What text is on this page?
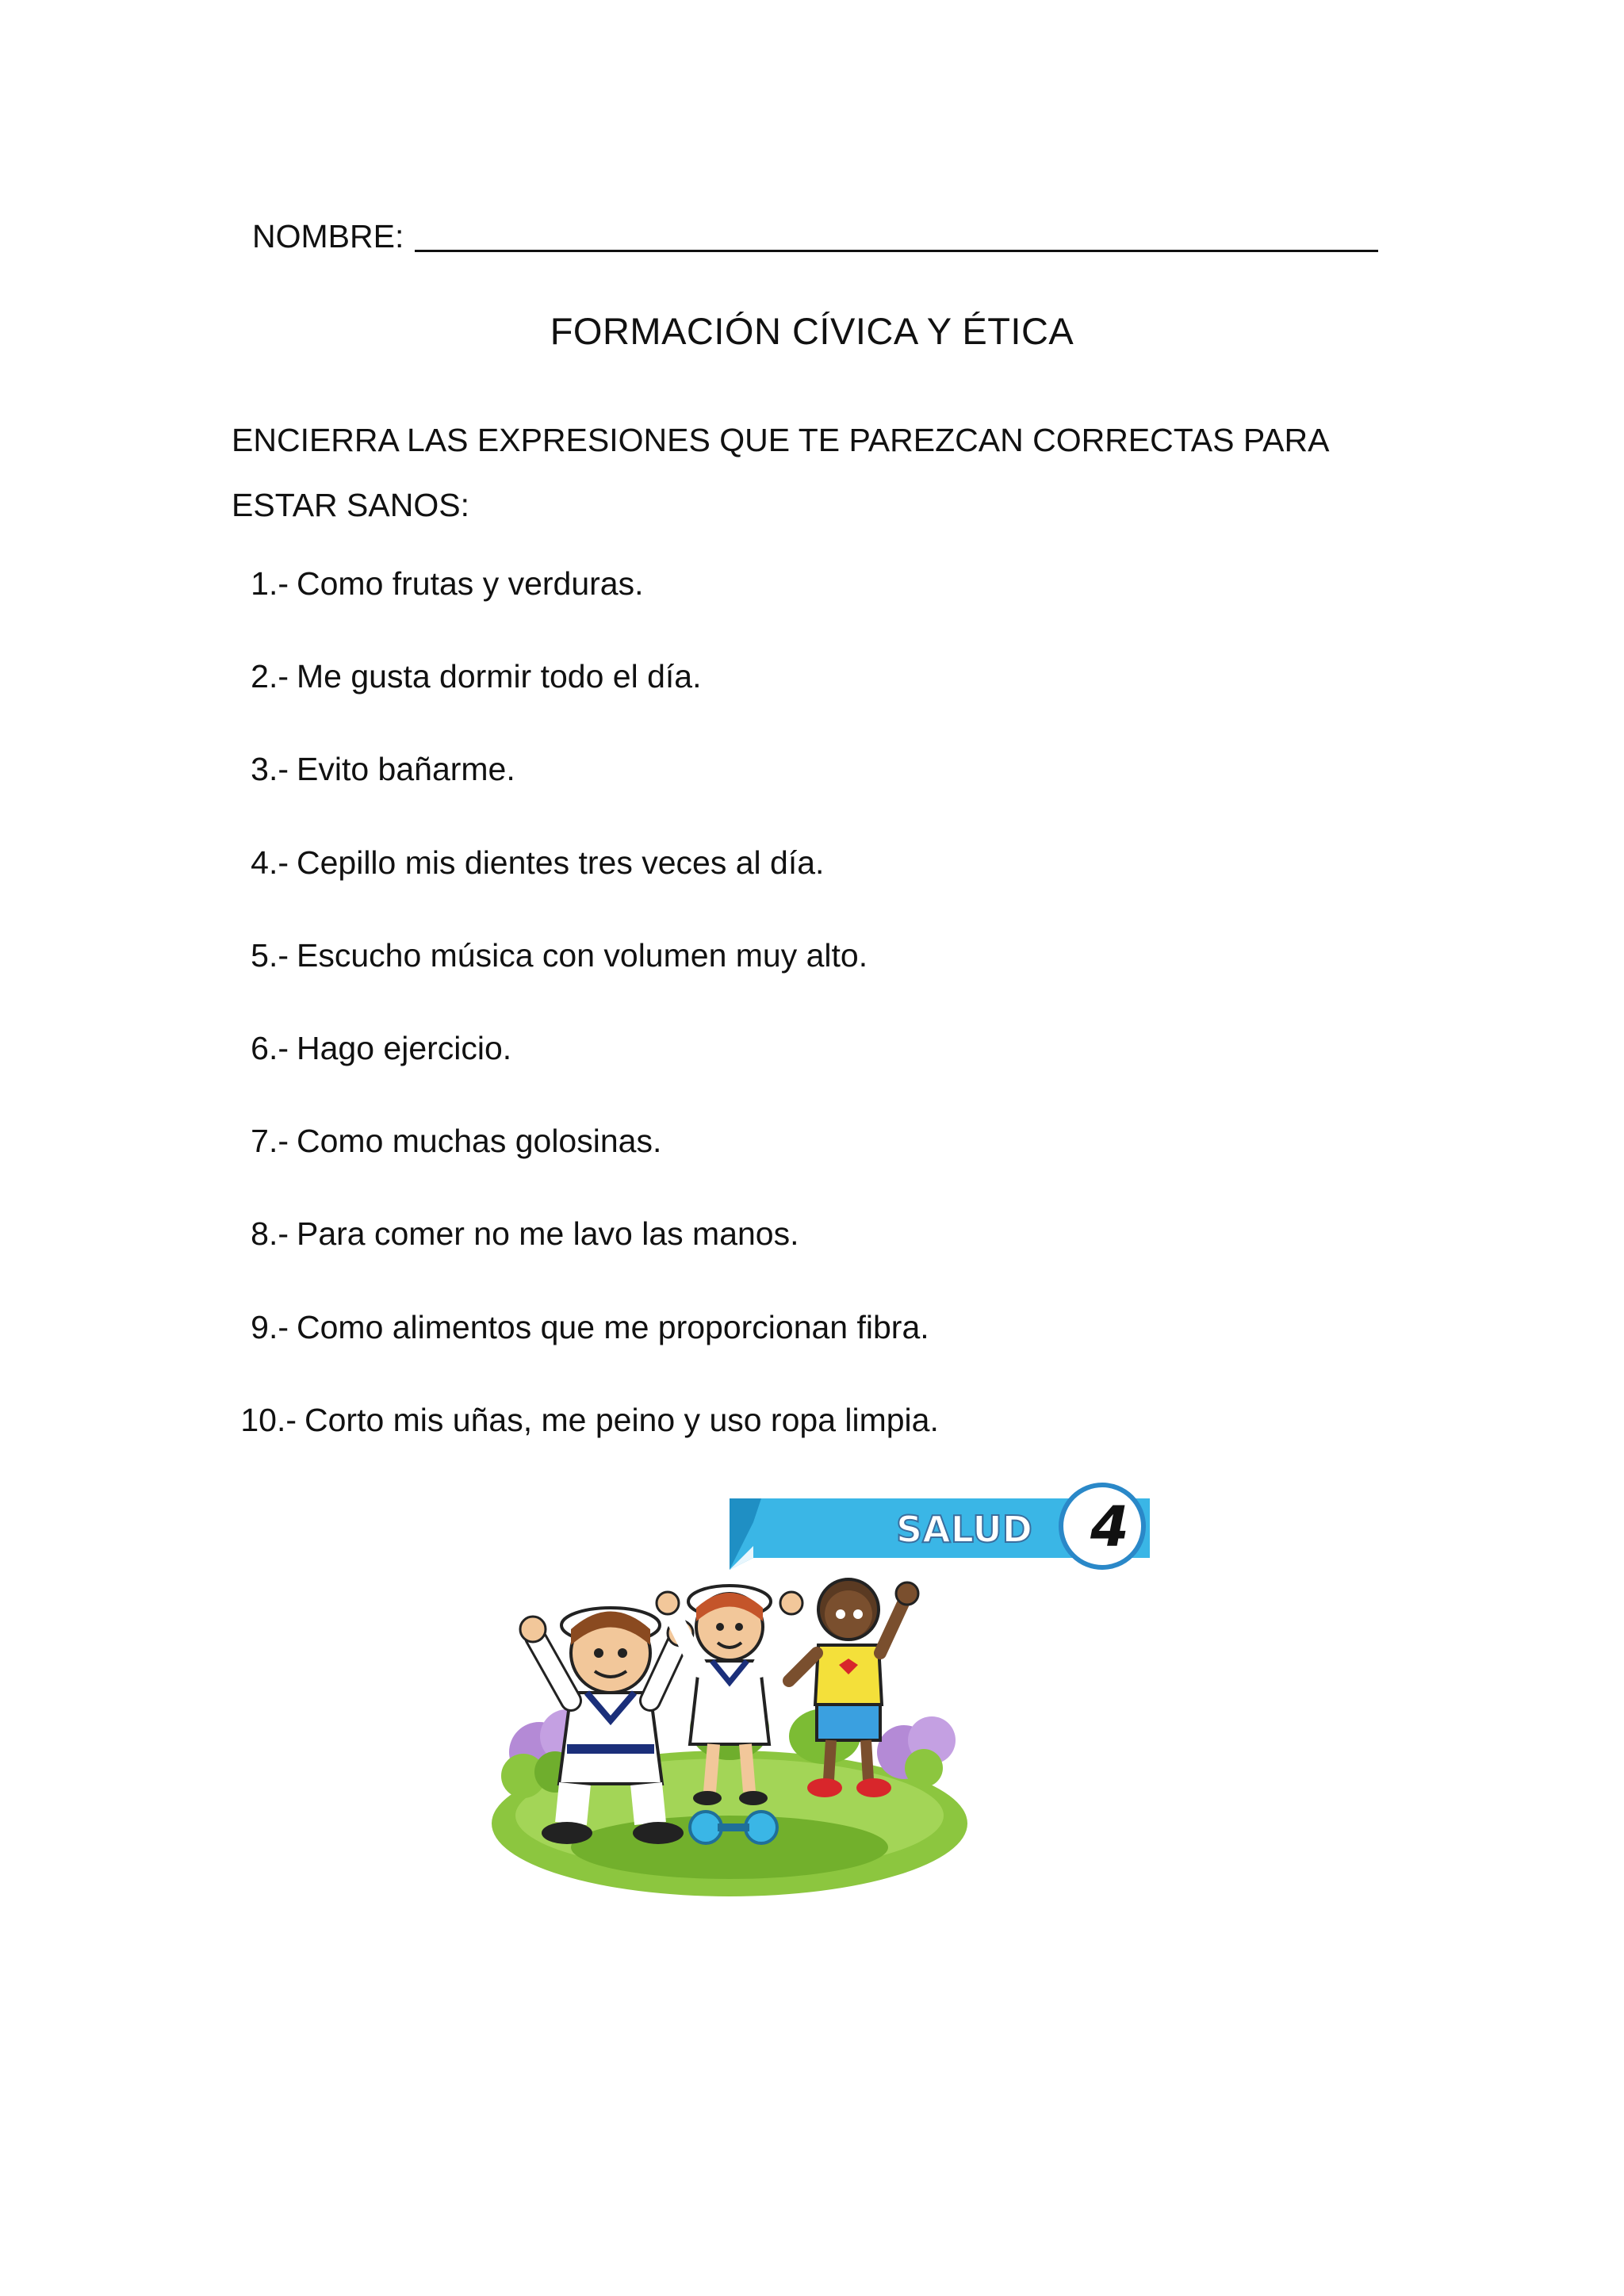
NOMBRE:
FORMACIÓN CÍVICA Y ÉTICA
ENCIERRA LAS EXPRESIONES QUE TE PAREZCAN CORRECTAS PARA ESTAR SANOS:
1.- Como frutas y verduras.
2.- Me gusta dormir todo el día.
3.- Evito bañarme.
4.- Cepillo mis dientes tres veces al día.
5.- Escucho música con volumen muy alto.
6.- Hago ejercicio.
7.- Como muchas golosinas.
8.- Para comer no me lavo las manos.
9.- Como alimentos que me proporcionan fibra.
10.- Corto mis uñas, me peino y uso ropa limpia.
SALUD 4
